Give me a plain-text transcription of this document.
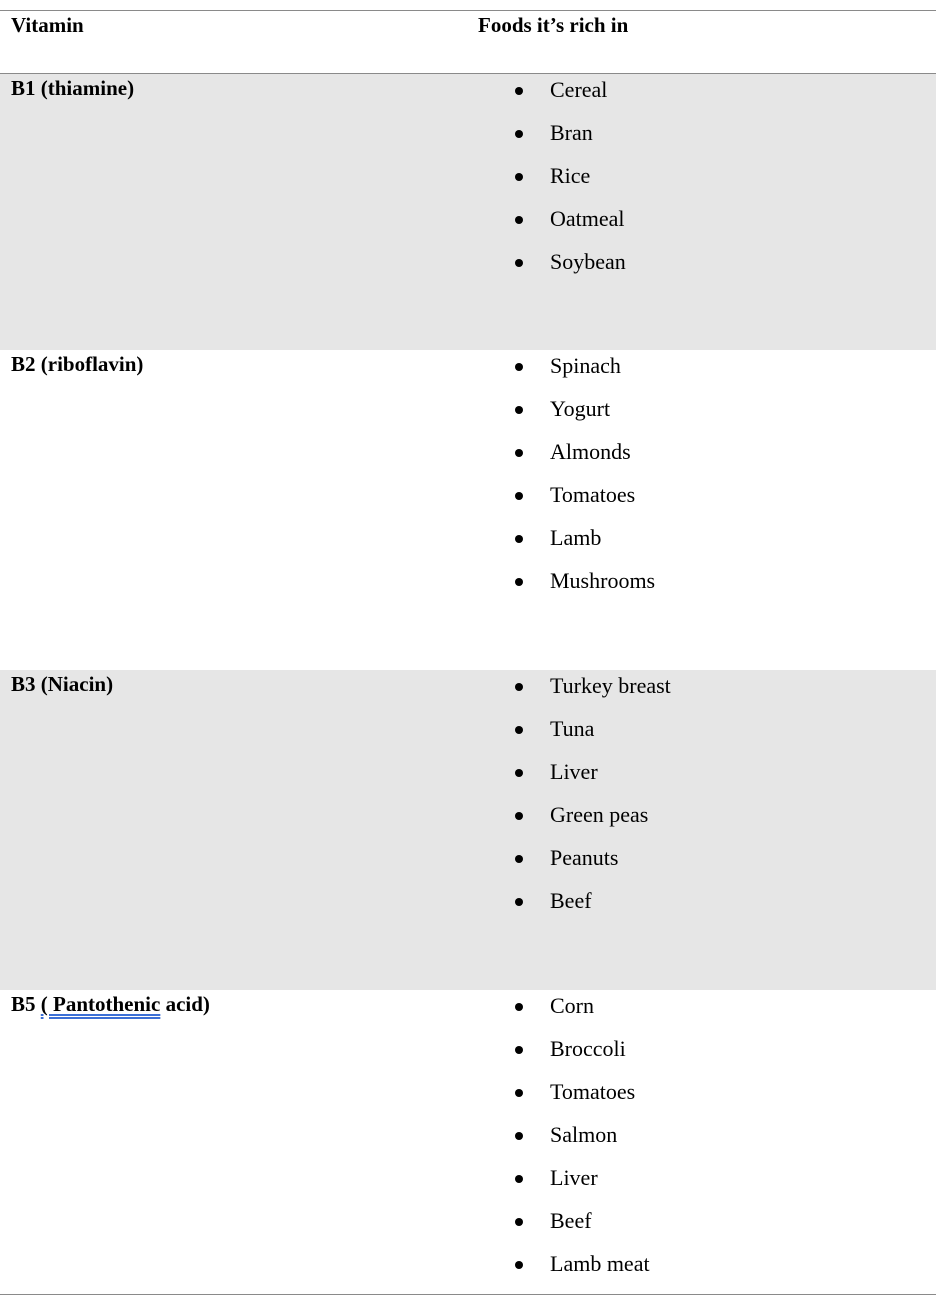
Vitamin	Foods it’s rich in
B1 (thiamine)	Cereal
Bran
Rice
Oatmeal
Soybean
B2 (riboflavin)	Spinach
Yogurt
Almonds
Tomatoes
Lamb
Mushrooms
B3 (Niacin)	Turkey breast
Tuna
Liver
Green peas
Peanuts
Beef
B5 ( Pantothenic acid)	Corn
Broccoli
Tomatoes
Salmon
Liver
Beef
Lamb meat
